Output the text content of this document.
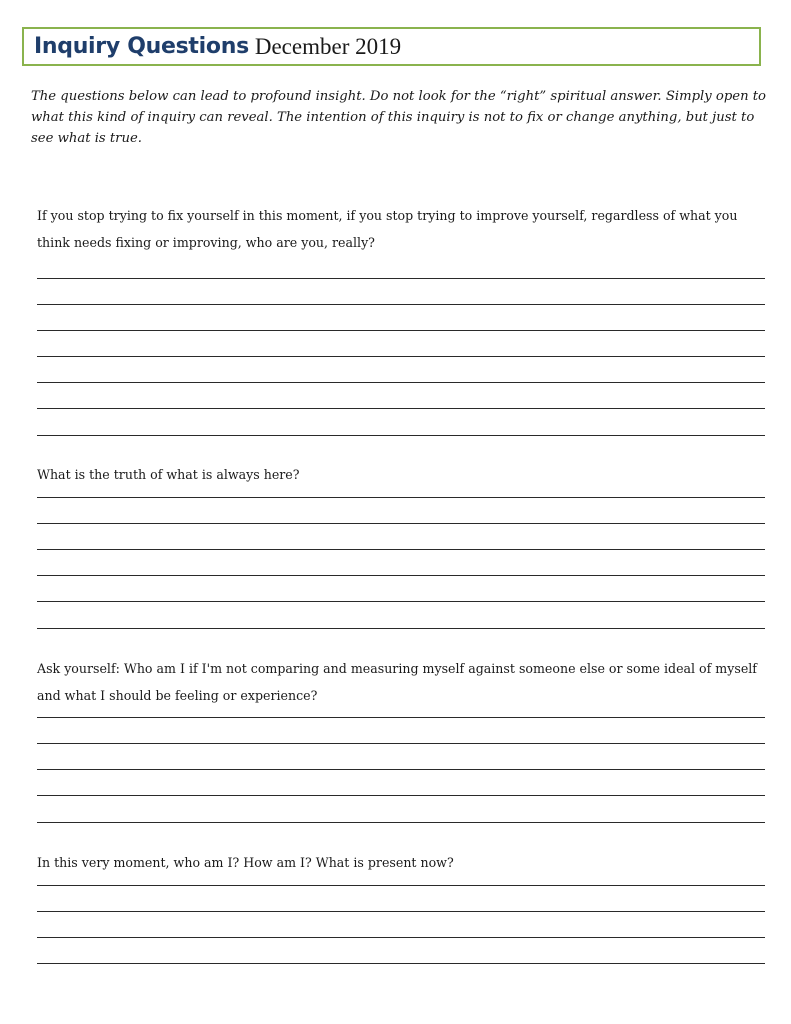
Inquiry Questions December 2019
The questions below can lead to profound insight. Do not look for the “right” spiritual answer. Simply open to what this kind of inquiry can reveal. The intention of this inquiry is not to fix or change anything, but just to see what is true.
If you stop trying to fix yourself in this moment, if you stop trying to improve yourself, regardless of what you think needs fixing or improving, who are you, really?
What is the truth of what is always here?
Ask yourself: Who am I if I'm not comparing and measuring myself against someone else or some ideal of myself and what I should be feeling or experience?
In this very moment, who am I? How am I? What is present now?
